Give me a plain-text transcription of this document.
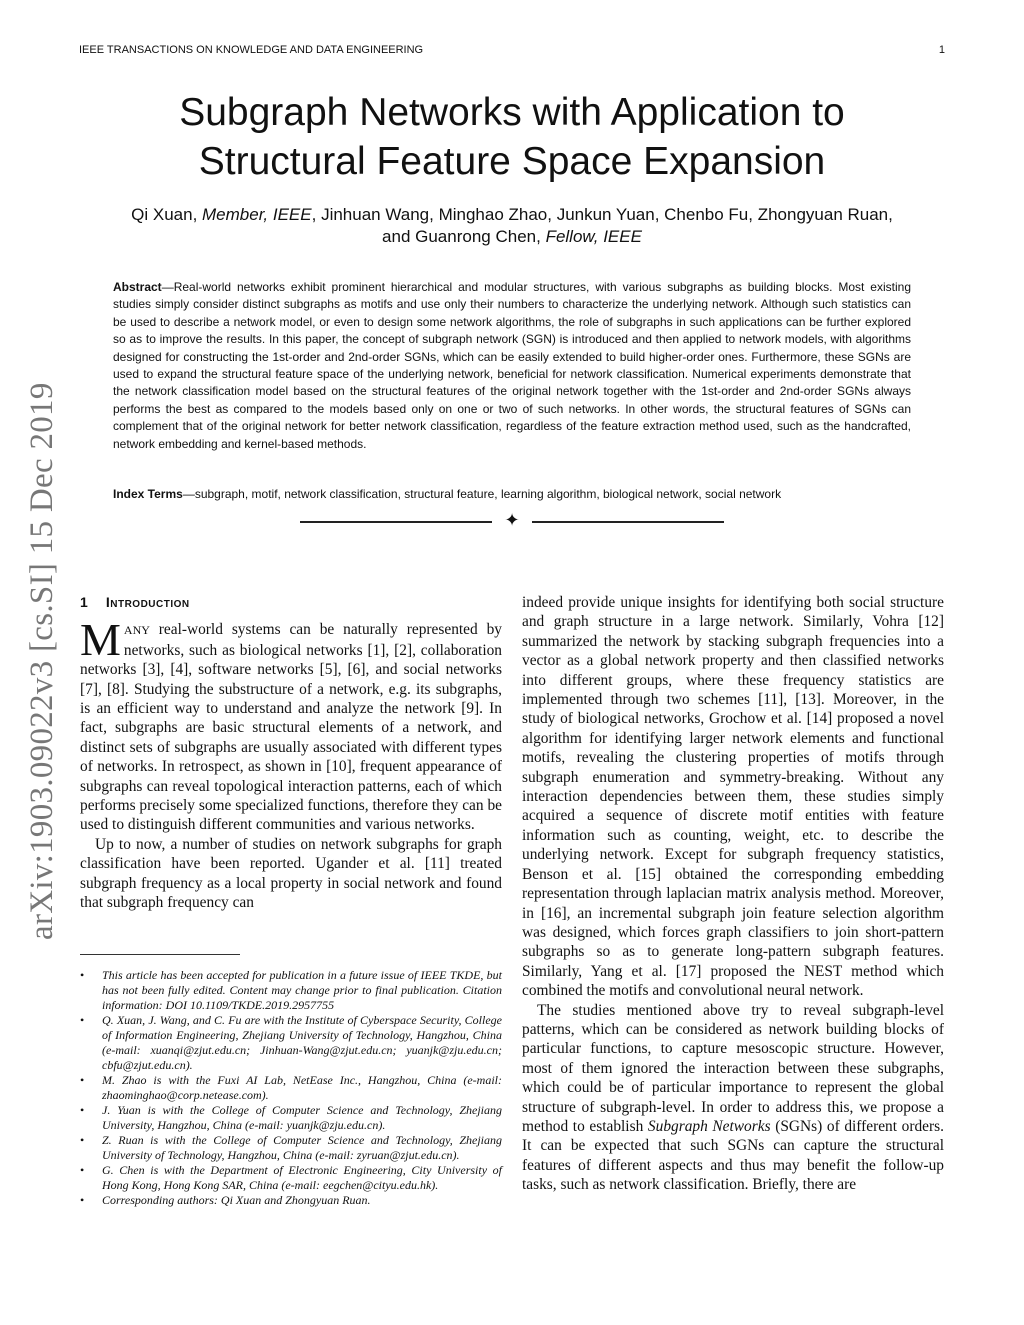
IEEE TRANSACTIONS ON KNOWLEDGE AND DATA ENGINEERING	1
Subgraph Networks with Application to
Structural Feature Space Expansion
Qi Xuan, Member, IEEE, Jinhuan Wang, Minghao Zhao, Junkun Yuan, Chenbo Fu, Zhongyuan Ruan,
and Guanrong Chen, Fellow, IEEE
Abstract—Real-world networks exhibit prominent hierarchical and modular structures, with various subgraphs as building blocks. Most existing studies simply consider distinct subgraphs as motifs and use only their numbers to characterize the underlying network. Although such statistics can be used to describe a network model, or even to design some network algorithms, the role of subgraphs in such applications can be further explored so as to improve the results. In this paper, the concept of subgraph network (SGN) is introduced and then applied to network models, with algorithms designed for constructing the 1st-order and 2nd-order SGNs, which can be easily extended to build higher-order ones. Furthermore, these SGNs are used to expand the structural feature space of the underlying network, beneficial for network classification. Numerical experiments demonstrate that the network classification model based on the structural features of the original network together with the 1st-order and 2nd-order SGNs always performs the best as compared to the models based only on one or two of such networks. In other words, the structural features of SGNs can complement that of the original network for better network classification, regardless of the feature extraction method used, such as the handcrafted, network embedding and kernel-based methods.
Index Terms—subgraph, motif, network classification, structural feature, learning algorithm, biological network, social network
✦
arXiv:1903.09022v3 [cs.SI] 15 Dec 2019 1 Introduction

MANY real-world systems can be naturally represented by networks, such as biological networks [1], [2], collaboration networks [3], [4], software networks [5], [6], and social networks [7], [8]. Studying the substructure of a network, e.g. its subgraphs, is an efficient way to understand and analyze the network [9]. In fact, subgraphs are basic structural elements of a network, and distinct sets of subgraphs are usually associated with different types of networks. In retrospect, as shown in [10], frequent appearance of subgraphs can reveal topological interaction patterns, each of which performs precisely some specialized functions, therefore they can be used to distinguish different communities and various networks.

Up to now, a number of studies on network subgraphs for graph classification have been reported. Ugander et al. [11] treated subgraph frequency as a local property in social network and found that subgraph frequency can

• This article has been accepted for publication in a future issue of IEEE TKDE, but has not been fully edited. Content may change prior to final publication. Citation information: DOI 10.1109/TKDE.2019.2957755
• Q. Xuan, J. Wang, and C. Fu are with the Institute of Cyberspace Security, College of Information Engineering, Zhejiang University of Technology, Hangzhou, China (e-mail: xuanqi@zjut.edu.cn; Jinhuan-Wang@zjut.edu.cn; yuanjk@zju.edu.cn; cbfu@zjut.edu.cn).
• M. Zhao is with the Fuxi AI Lab, NetEase Inc., Hangzhou, China (e-mail: zhaominghao@corp.netease.com).
• J. Yuan is with the College of Computer Science and Technology, Zhejiang University, Hangzhou, China (e-mail: yuanjk@zju.edu.cn).
• Z. Ruan is with the College of Computer Science and Technology, Zhejiang University of Technology, Hangzhou, China (e-mail: zyruan@zjut.edu.cn).
• G. Chen is with the Department of Electronic Engineering, City University of Hong Kong, Hong Kong SAR, China (e-mail: eegchen@cityu.edu.hk).
• Corresponding authors: Qi Xuan and Zhongyuan Ruan.

indeed provide unique insights for identifying both social structure and graph structure in a large network. Similarly, Vohra [12] summarized the network by stacking subgraph frequencies into a vector as a global network property and then classified networks into different groups, where these frequency statistics are implemented through two schemes [11], [13]. Moreover, in the study of biological networks, Grochow et al. [14] proposed a novel algorithm for identifying larger network elements and functional motifs, revealing the clustering properties of motifs through subgraph enumeration and symmetry-breaking. Without any interaction dependencies between them, these studies simply acquired a sequence of discrete motif entities with feature information such as counting, weight, etc. to describe the underlying network. Except for subgraph frequency statistics, Benson et al. [15] obtained the corresponding embedding representation through laplacian matrix analysis method. Moreover, in [16], an incremental subgraph join feature selection algorithm was designed, which forces graph classifiers to join short-pattern subgraphs so as to generate long-pattern subgraph features. Similarly, Yang et al. [17] proposed the NEST method which combined the motifs and convolutional neural network.

The studies mentioned above try to reveal subgraph-level patterns, which can be considered as network building blocks of particular functions, to capture mesoscopic structure. However, most of them ignored the interaction between these subgraphs, which could be of particular importance to represent the global structure of subgraph-level. In order to address this, we propose a method to establish Subgraph Networks (SGNs) of different orders. It can be expected that such SGNs can capture the structural features of different aspects and thus may benefit the follow-up tasks, such as network classification. Briefly, there are
